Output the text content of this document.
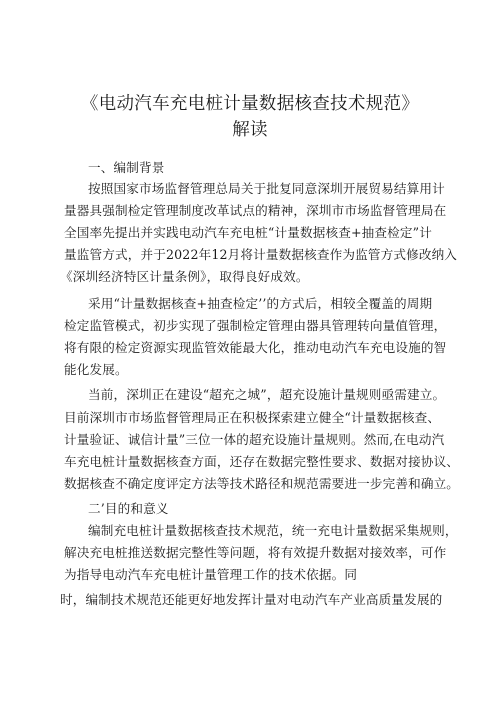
《电动汽车充电桩计量数据核查技术规范》
解读
一、编制背景
按照国家市场监督管理总局关于批复同意深圳开展贸易结算用计
量器具强制检定管理制度改革试点的精神，深圳市市场监督管理局在
全国率先提出并实践电动汽车充电桩“计量数据核查+抽查检定”计
量监管方式，并于2022年12月将计量数据核查作为监管方式修改纳入
《深圳经济特区计量条例》，取得良好成效。
采用“计量数据核查+抽查检定’’的方式后，相较全覆盖的周期
检定监管模式，初步实现了强制检定管理由器具管理转向量值管理，
将有限的检定资源实现监管效能最大化，推动电动汽车充电设施的智
能化发展。
当前，深圳正在建设“超充之城”，超充设施计量规则亟需建立。
目前深圳市市场监督管理局正在积极探索建立健全“计量数据核查、
计量验证、诚信计量”三位一体的超充设施计量规则。然而,在电动汽
车充电桩计量数据核查方面，还存在数据完整性要求、数据对接协议、
数据核查不确定度评定方法等技术路径和规范需要进一步完善和确立。
二’目的和意义
编制充电桩计量数据核查技术规范，统一充电计量数据采集规则，
解决充电桩推送数据完整性等问题，将有效提升数据对接效率，可作
为指导电动汽车充电桩计量管理工作的技术依据。同
时，编制技术规范还能更好地发挥计量对电动汽车产业高质量发展的
